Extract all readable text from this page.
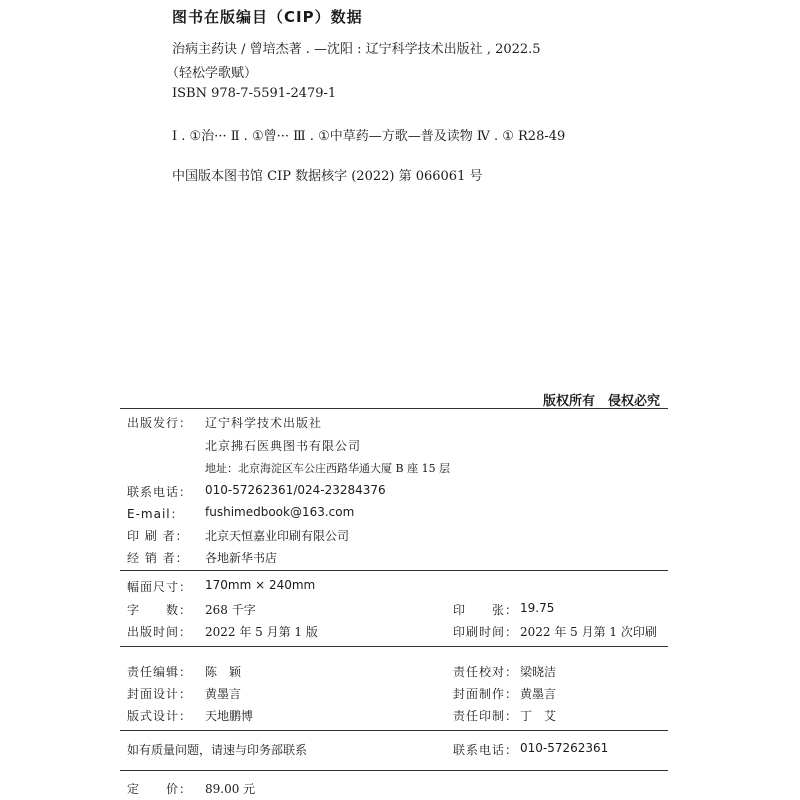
图书在版编目（CIP）数据
治病主药诀 / 曾培杰著 . —沈阳 : 辽宁科学技术出版社 , 2022.5
（轻松学歌赋）
ISBN 978-7-5591-2479-1
Ⅰ . ①治··· Ⅱ . ①曾··· Ⅲ . ①中草药—方歌—普及读物 Ⅳ . ① R28-49
中国版本图书馆 CIP 数据核字 (2022) 第 066061 号
版权所有　侵权必究
出版发行： 辽宁科学技术出版社
北京拂石医典图书有限公司
地址：北京海淀区车公庄西路华通大厦 B 座 15 层
联系电话： 010-57262361/024-23284376
E-mail： fushimedbook@163.com
印 刷 者： 北京天恒嘉业印刷有限公司
经 销 者： 各地新华书店
幅面尺寸： 170mm × 240mm
字　　数： 268 千字	印　　张： 19.75
出版时间： 2022 年 5 月第 1 版	印刷时间： 2022 年 5 月第 1 次印刷
责任编辑： 陈　颖	责任校对： 梁晓洁
封面设计： 黄墨言	封面制作： 黄墨言
版式设计： 天地鹏博	责任印制： 丁　艾
如有质量问题，请速与印务部联系	联系电话： 010-57262361
定　　价： 89.00 元
